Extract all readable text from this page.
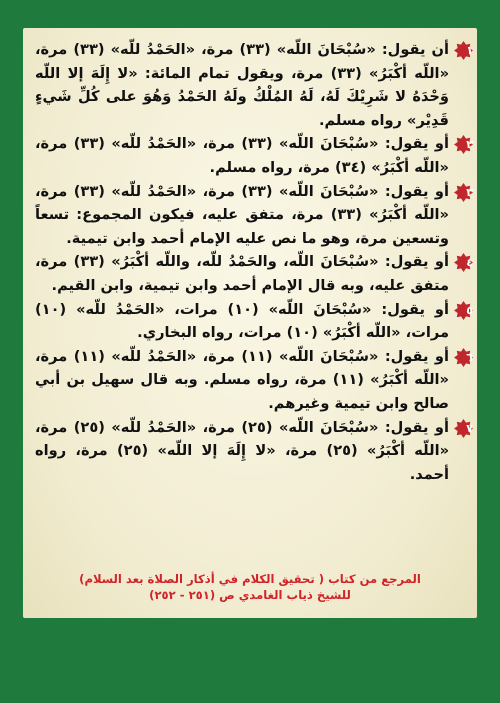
١
أن يقول: «سُبْحَانَ اللّه» (٣٣) مرة، «الحَمْدُ للّه» (٣٣) مرة، «اللّه أكْبَرُ» (٣٣) مرة، ويقول تمام المائة: «لا إِلَهَ إلا اللّه وَحْدَهُ لا شَرِيْكَ لَهُ، لَهُ المُلْكُ ولَهُ الحَمْدُ وَهُوَ على كُلِّ شَيءٍ قَدِيْر» رواه مسلم.
٢
أو يقول: «سُبْحَانَ اللّه» (٣٣) مرة، «الحَمْدُ للّه» (٣٣) مرة، «اللّه أكْبَرُ» (٣٤) مرة، رواه مسلم.
٣
أو يقول: «سُبْحَانَ اللّه» (٣٣) مرة، «الحَمْدُ للّه» (٣٣) مرة، «اللّه أكْبَرُ» (٣٣) مرة، متفق عليه، فيكون المجموع: تسعاً وتسعين مرة، وهو ما نص عليه الإمام أحمد وابن تيمية.
٤
أو يقول: «سُبْحَانَ اللّه، والحَمْدُ للّه، واللّه أكْبَرُ» (٣٣) مرة، متفق عليه، وبه قال الإمام أحمد وابن تيمية، وابن القيم.
٥
أو يقول: «سُبْحَانَ اللّه» (١٠) مرات، «الحَمْدُ للّه» (١٠) مرات، «اللّه أكْبَرُ» (١٠) مرات، رواه البخاري.
٦
أو يقول: «سُبْحَانَ اللّه» (١١) مرة، «الحَمْدُ للّه» (١١) مرة، «اللّه أكْبَرُ» (١١) مرة، رواه مسلم. وبه قال سهيل بن أبي صالح وابن تيمية وغيرهم.
٧
أو يقول: «سُبْحَانَ اللّه» (٢٥) مرة، «الحَمْدُ للّه» (٢٥) مرة، «اللّه أكْبَرُ» (٢٥) مرة، «لا إِلَهَ إلا اللّه» (٢٥) مرة، رواه أحمد.
المرجع من كتاب ( تحقيق الكلام في أذكار الصلاة بعد السلام)
للشيخ ذياب الغامدي ص (٢٥١ - ٢٥٢)
